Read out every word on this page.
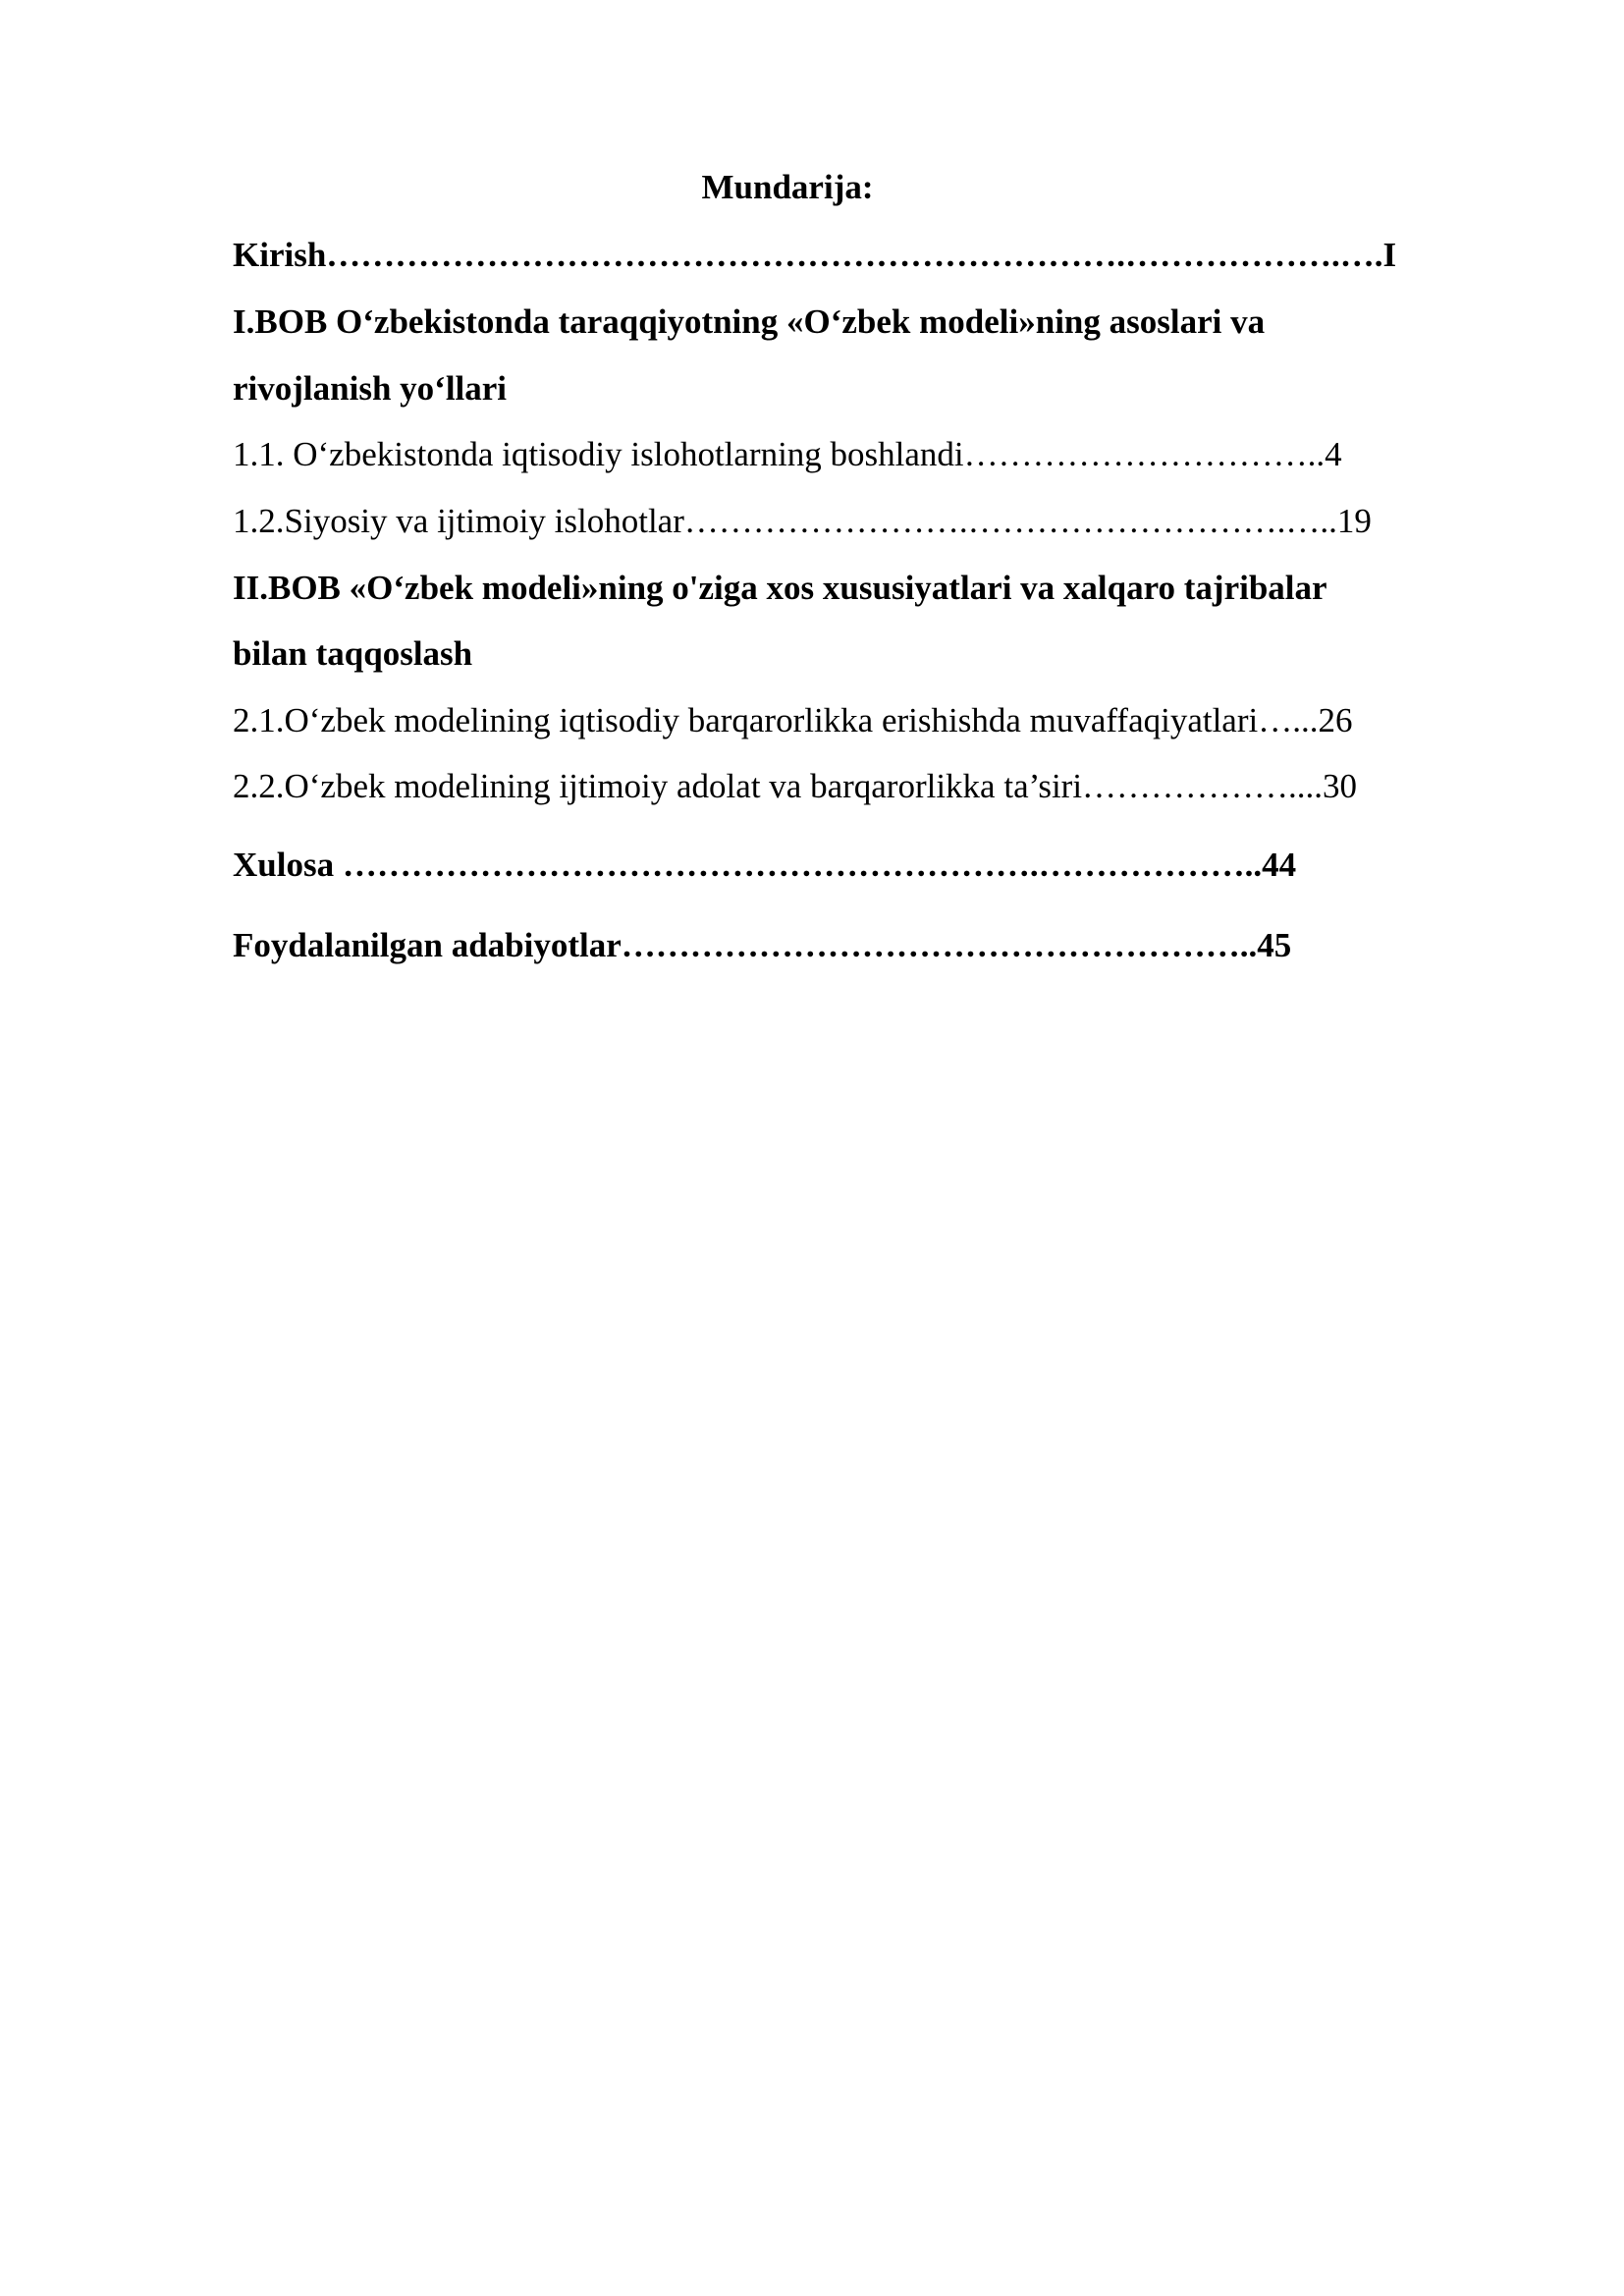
Mundarija:
Kirish…………………………………………………………….……………….….I
I.BOB O‘zbekistonda taraqqiyotning «O‘zbek modeli»ning asoslari va
rivojlanish yo‘llari
1.1. O‘zbekistonda iqtisodiy islohotlarning boshlandi…………………………..4
1.2.Siyosiy va ijtimoiy islohotlar…………………….……………………….…..19
II.BOB «O‘zbek modeli»ning o'ziga xos xususiyatlari va xalqaro tajribalar
bilan taqqoslash
2.1.O‘zbek modelining iqtisodiy barqarorlikka erishishda muvaffaqiyatlari…...26
2.2.O‘zbek modelining ijtimoiy adolat va barqarorlikka ta’siri………………....30
Xulosa …………………………………………………….………………..44
Foydalanilgan adabiyotlar………………………………………………..45
